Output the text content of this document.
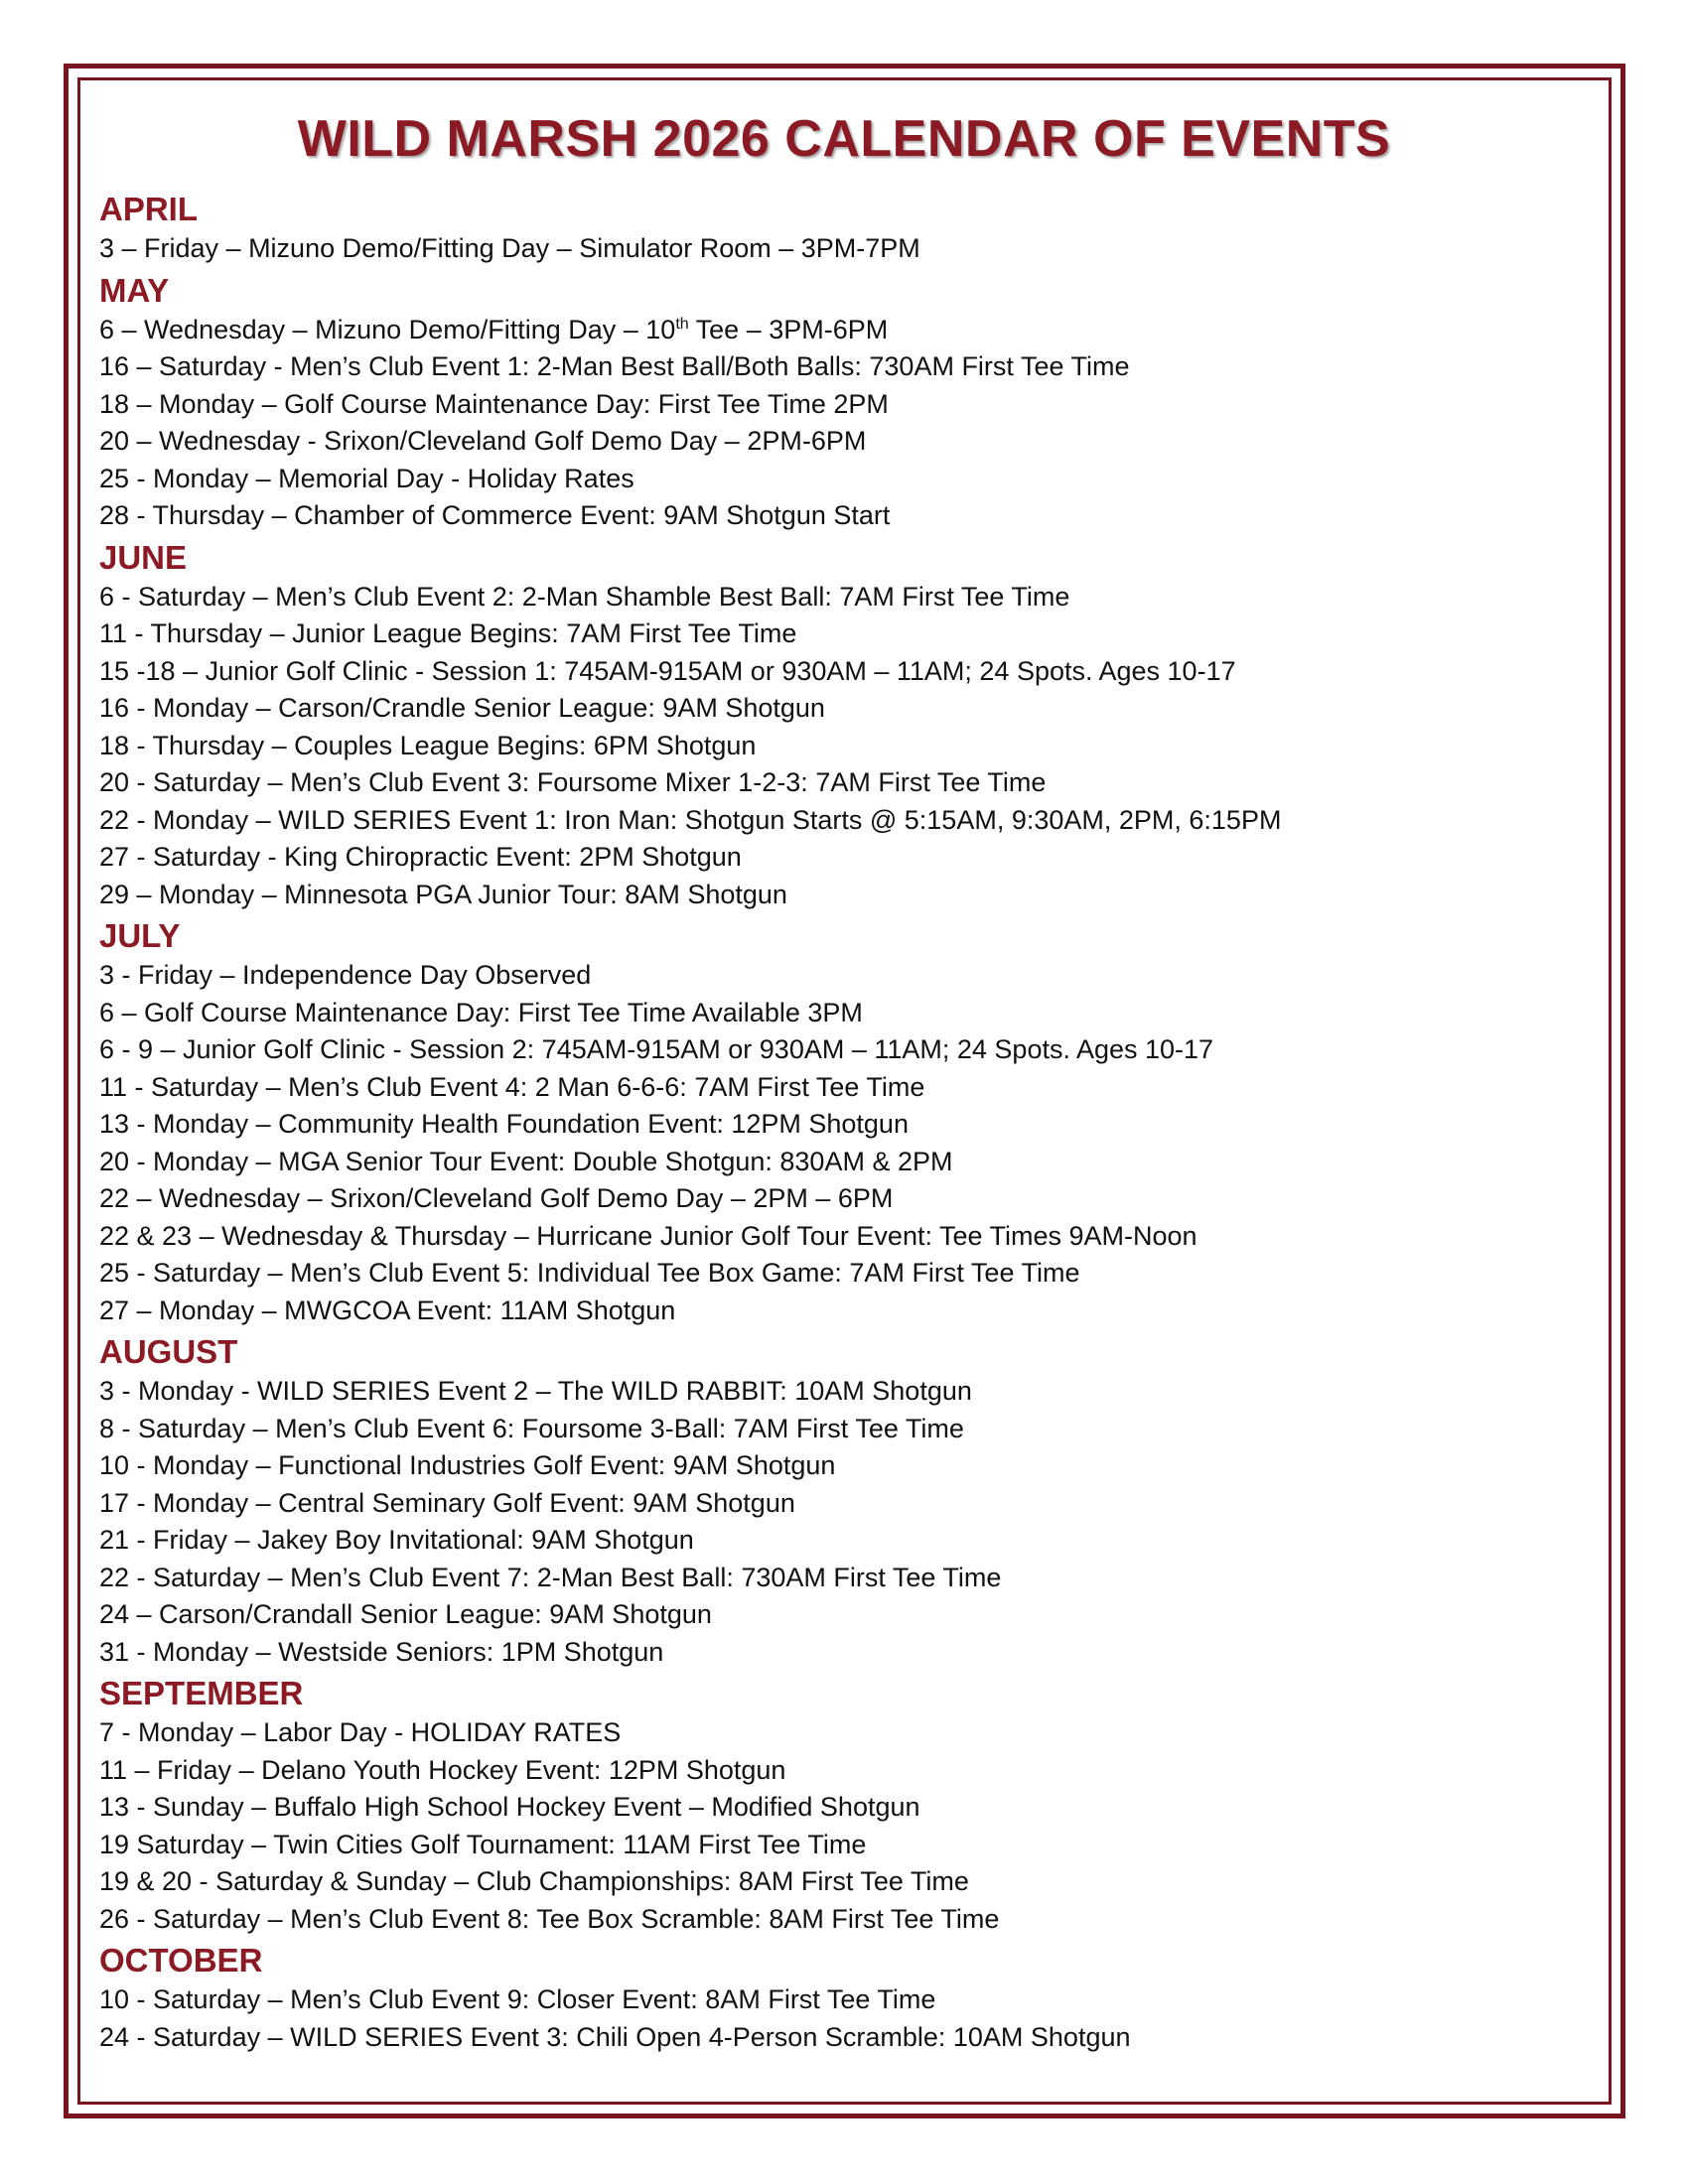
WILD MARSH 2026 CALENDAR OF EVENTS
APRIL
3 – Friday – Mizuno Demo/Fitting Day – Simulator Room – 3PM-7PM
MAY
6 – Wednesday – Mizuno Demo/Fitting Day – 10th Tee – 3PM-6PM
16 – Saturday - Men’s Club Event 1: 2-Man Best Ball/Both Balls: 730AM First Tee Time
18 – Monday – Golf Course Maintenance Day: First Tee Time 2PM
20 – Wednesday - Srixon/Cleveland Golf Demo Day – 2PM-6PM
25 - Monday – Memorial Day - Holiday Rates
28 - Thursday – Chamber of Commerce Event: 9AM Shotgun Start
JUNE
6 - Saturday – Men’s Club Event 2: 2-Man Shamble Best Ball: 7AM First Tee Time
11 - Thursday – Junior League Begins: 7AM First Tee Time
15 -18 – Junior Golf Clinic - Session 1: 745AM-915AM or 930AM – 11AM; 24 Spots. Ages 10-17
16 - Monday – Carson/Crandle Senior League: 9AM Shotgun
18 - Thursday – Couples League Begins: 6PM Shotgun
20 - Saturday – Men’s Club Event 3: Foursome Mixer 1-2-3: 7AM First Tee Time
22 - Monday – WILD SERIES Event 1: Iron Man: Shotgun Starts @ 5:15AM, 9:30AM, 2PM, 6:15PM
27 - Saturday - King Chiropractic Event: 2PM Shotgun
29 – Monday – Minnesota PGA Junior Tour: 8AM Shotgun
JULY
3 - Friday – Independence Day Observed
6 – Golf Course Maintenance Day: First Tee Time Available 3PM
6 - 9 – Junior Golf Clinic - Session 2: 745AM-915AM or 930AM – 11AM; 24 Spots. Ages 10-17
11 - Saturday – Men’s Club Event 4: 2 Man 6-6-6: 7AM First Tee Time
13 - Monday – Community Health Foundation Event: 12PM Shotgun
20 - Monday – MGA Senior Tour Event: Double Shotgun: 830AM & 2PM
22 – Wednesday – Srixon/Cleveland Golf Demo Day – 2PM – 6PM
22 & 23 – Wednesday & Thursday – Hurricane Junior Golf Tour Event: Tee Times 9AM-Noon
25 - Saturday – Men’s Club Event 5: Individual Tee Box Game: 7AM First Tee Time
27 – Monday – MWGCOA Event: 11AM Shotgun
AUGUST
3 - Monday - WILD SERIES Event 2 – The WILD RABBIT: 10AM Shotgun
8 - Saturday – Men’s Club Event 6: Foursome 3-Ball: 7AM First Tee Time
10 - Monday – Functional Industries Golf Event: 9AM Shotgun
17 - Monday – Central Seminary Golf Event: 9AM Shotgun
21 - Friday – Jakey Boy Invitational: 9AM Shotgun
22 - Saturday – Men’s Club Event 7: 2-Man Best Ball: 730AM First Tee Time
24 – Carson/Crandall Senior League: 9AM Shotgun
31 - Monday – Westside Seniors: 1PM Shotgun
SEPTEMBER
7 - Monday – Labor Day - HOLIDAY RATES
11 – Friday – Delano Youth Hockey Event: 12PM Shotgun
13 - Sunday – Buffalo High School Hockey Event – Modified Shotgun
19 Saturday – Twin Cities Golf Tournament: 11AM First Tee Time
19 & 20 - Saturday & Sunday – Club Championships: 8AM First Tee Time
26 - Saturday – Men’s Club Event 8: Tee Box Scramble: 8AM First Tee Time
OCTOBER
10 - Saturday – Men’s Club Event 9: Closer Event: 8AM First Tee Time
24 - Saturday – WILD SERIES Event 3: Chili Open 4-Person Scramble: 10AM Shotgun
